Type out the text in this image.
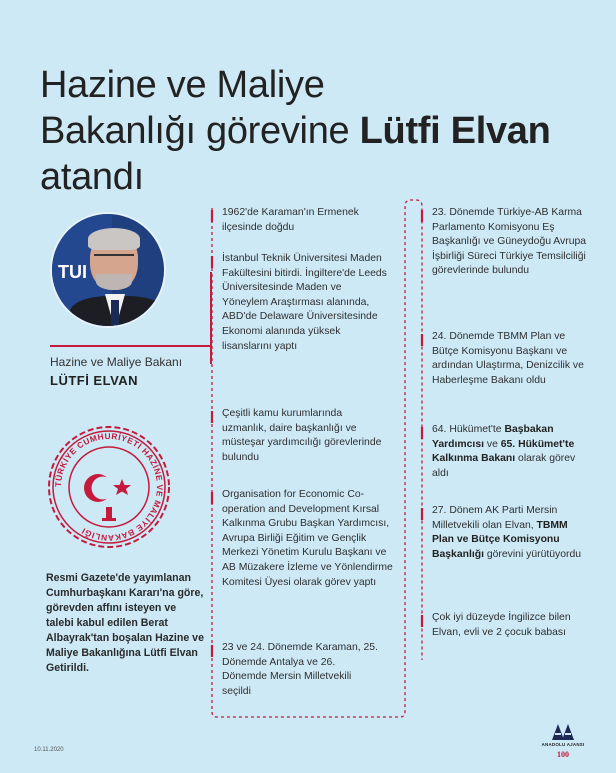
Hazine ve Maliye
Bakanlığı görevine Lütfi Elvan
atandı
TUI
Hazine ve Maliye Bakanı
LÜTFİ ELVAN
TÜRKİYE CUMHURİYETİ HAZİNE VE MALİYE BAKANLIĞI
Resmi Gazete'de yayımlanan Cumhurbaşkanı Kararı'na göre, görevden affını isteyen ve talebi kabul edilen Berat Albayrak'tan boşalan Hazine ve Maliye Bakanlığına Lütfi Elvan Getirildi.
10.11.2020
1962'de Karaman'ın Ermenek ilçesinde doğdu
İstanbul Teknik Üniversitesi Maden Fakültesini bitirdi. İngiltere'de Leeds Üniversitesinde Maden ve Yöneylem Araştırması alanında, ABD'de Delaware Üniversitesinde Ekonomi alanında yüksek lisanslarını yaptı
Çeşitli kamu kurumlarında uzmanlık, daire başkanlığı ve müsteşar yardımcılığı görevlerinde bulundu
Organisation for Economic Co-operation and Development Kırsal Kalkınma Grubu Başkan Yardımcısı, Avrupa Birliği Eğitim ve Gençlik Merkezi Yönetim Kurulu Başkanı ve AB Müzakere İzleme ve Yönlendirme Komitesi Üyesi olarak görev yaptı
23 ve 24. Dönemde Karaman, 25. Dönemde Antalya ve 26. Dönemde Mersin Milletvekili seçildi
23. Dönemde Türkiye-AB Karma Parlamento Komisyonu Eş Başkanlığı ve Güneydoğu Avrupa İşbirliği Süreci Türkiye Temsilciliği görevlerinde bulundu
24. Dönemde TBMM Plan ve Bütçe Komisyonu Başkanı ve ardından Ulaştırma, Denizcilik ve Haberleşme Bakanı oldu
64. Hükümet'te Başbakan Yardımcısı ve 65. Hükümet'te Kalkınma Bakanı olarak görev aldı
27. Dönem AK Parti Mersin Milletvekili olan Elvan, TBMM Plan ve Bütçe Komisyonu Başkanlığı görevini yürütüyordu
Çok iyi düzeyde İngilizce bilen Elvan, evli ve 2 çocuk babası
100
ANADOLU AJANSI
